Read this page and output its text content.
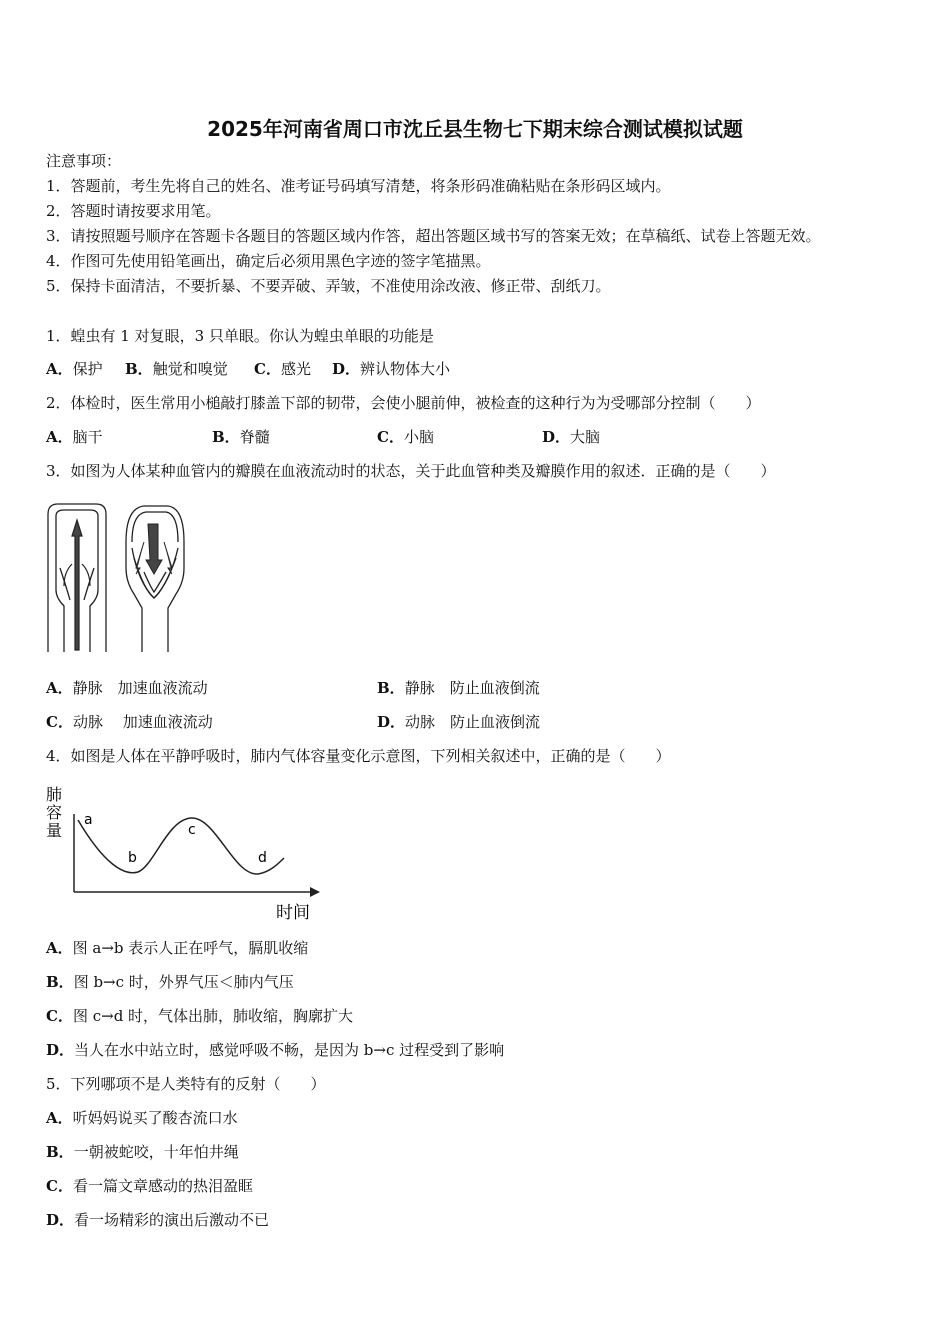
2025年河南省周口市沈丘县生物七下期末综合测试模拟试题
注意事项：
1．答题前，考生先将自己的姓名、准考证号码填写清楚，将条形码准确粘贴在条形码区域内。
2．答题时请按要求用笔。
3．请按照题号顺序在答题卡各题目的答题区域内作答，超出答题区域书写的答案无效；在草稿纸、试卷上答题无效。
4．作图可先使用铅笔画出，确定后必须用黑色字迹的签字笔描黑。
5．保持卡面清洁，不要折暴、不要弄破、弄皱，不准使用涂改液、修正带、刮纸刀。
1．蝗虫有 1 对复眼，3 只单眼。你认为蝗虫单眼的功能是
A．保护 B．触觉和嗅觉 C．感光 D．辨认物体大小
2．体检时，医生常用小槌敲打膝盖下部的韧带，会使小腿前伸，被检查的这种行为为受哪部分控制（　　）
A．脑干	B．脊髓	C．小脑	D．大脑
3．如图为人体某种血管内的瓣膜在血液流动时的状态，关于此血管种类及瓣膜作用的叙述．正确的是（　　）
A．静脉　加速血液流动	B．静脉　防止血液倒流
C．动脉　 加速血液流动	D．动脉　防止血液倒流
4．如图是人体在平静呼吸时，肺内气体容量变化示意图，下列相关叙述中，正确的是（　　）
肺
容
量
a
b
c
d
时间
A．图 a→b 表示人正在呼气，膈肌收缩
B．图 b→c 时，外界气压＜肺内气压
C．图 c→d 时，气体出肺，肺收缩，胸廓扩大
D．当人在水中站立时，感觉呼吸不畅，是因为 b→c 过程受到了影响
5．下列哪项不是人类特有的反射（　　）
A．听妈妈说买了酸杏流口水
B．一朝被蛇咬，十年怕井绳
C．看一篇文章感动的热泪盈眶
D．看一场精彩的演出后激动不已
